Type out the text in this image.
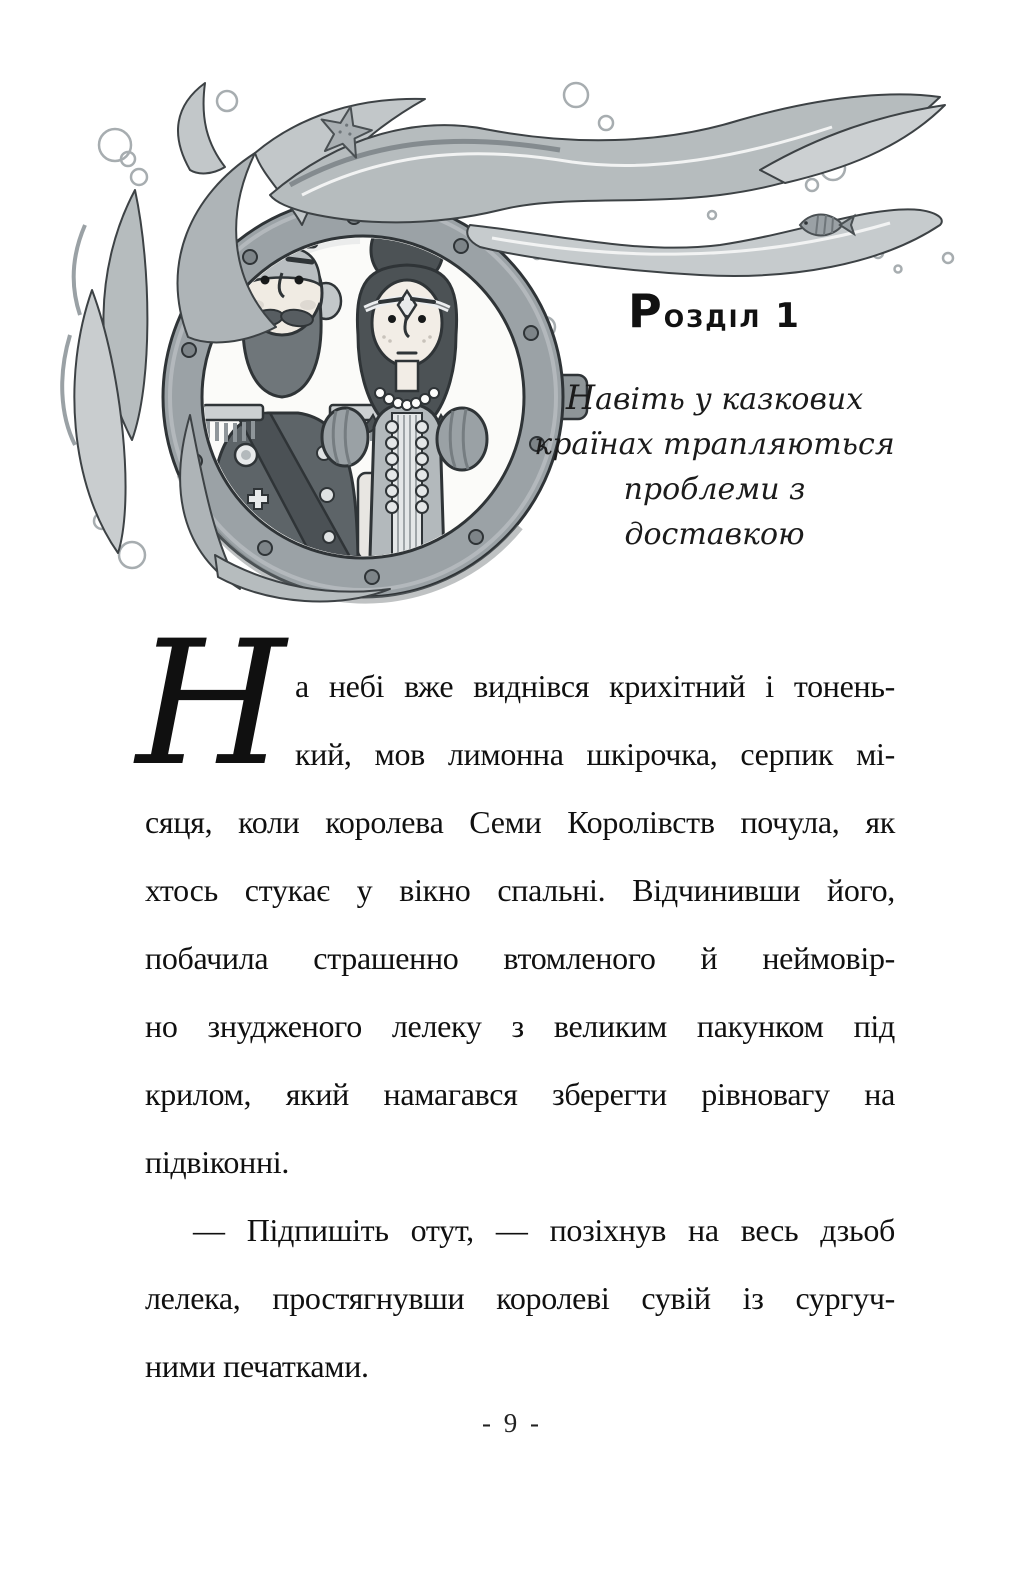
Розділ 1
Навіть у казкових
країнах трапляються
проблеми з доставкою
Н а небі вже виднівся крихітний і тонень-
кий, мов лимонна шкірочка, серпик мі-
сяця, коли королева Семи Королівств почула, як
хтось стукає у вікно спальні. Відчинивши його,
побачила страшенно втомленого й неймовір-
но знудженого лелеку з великим пакунком під
крилом, який намагався зберегти рівновагу на
підвіконні.
— Підпишіть отут, — позіхнув на весь дзьоб
лелека, простягнувши королеві сувій із сургуч-
ними печатками.
- 9 -
